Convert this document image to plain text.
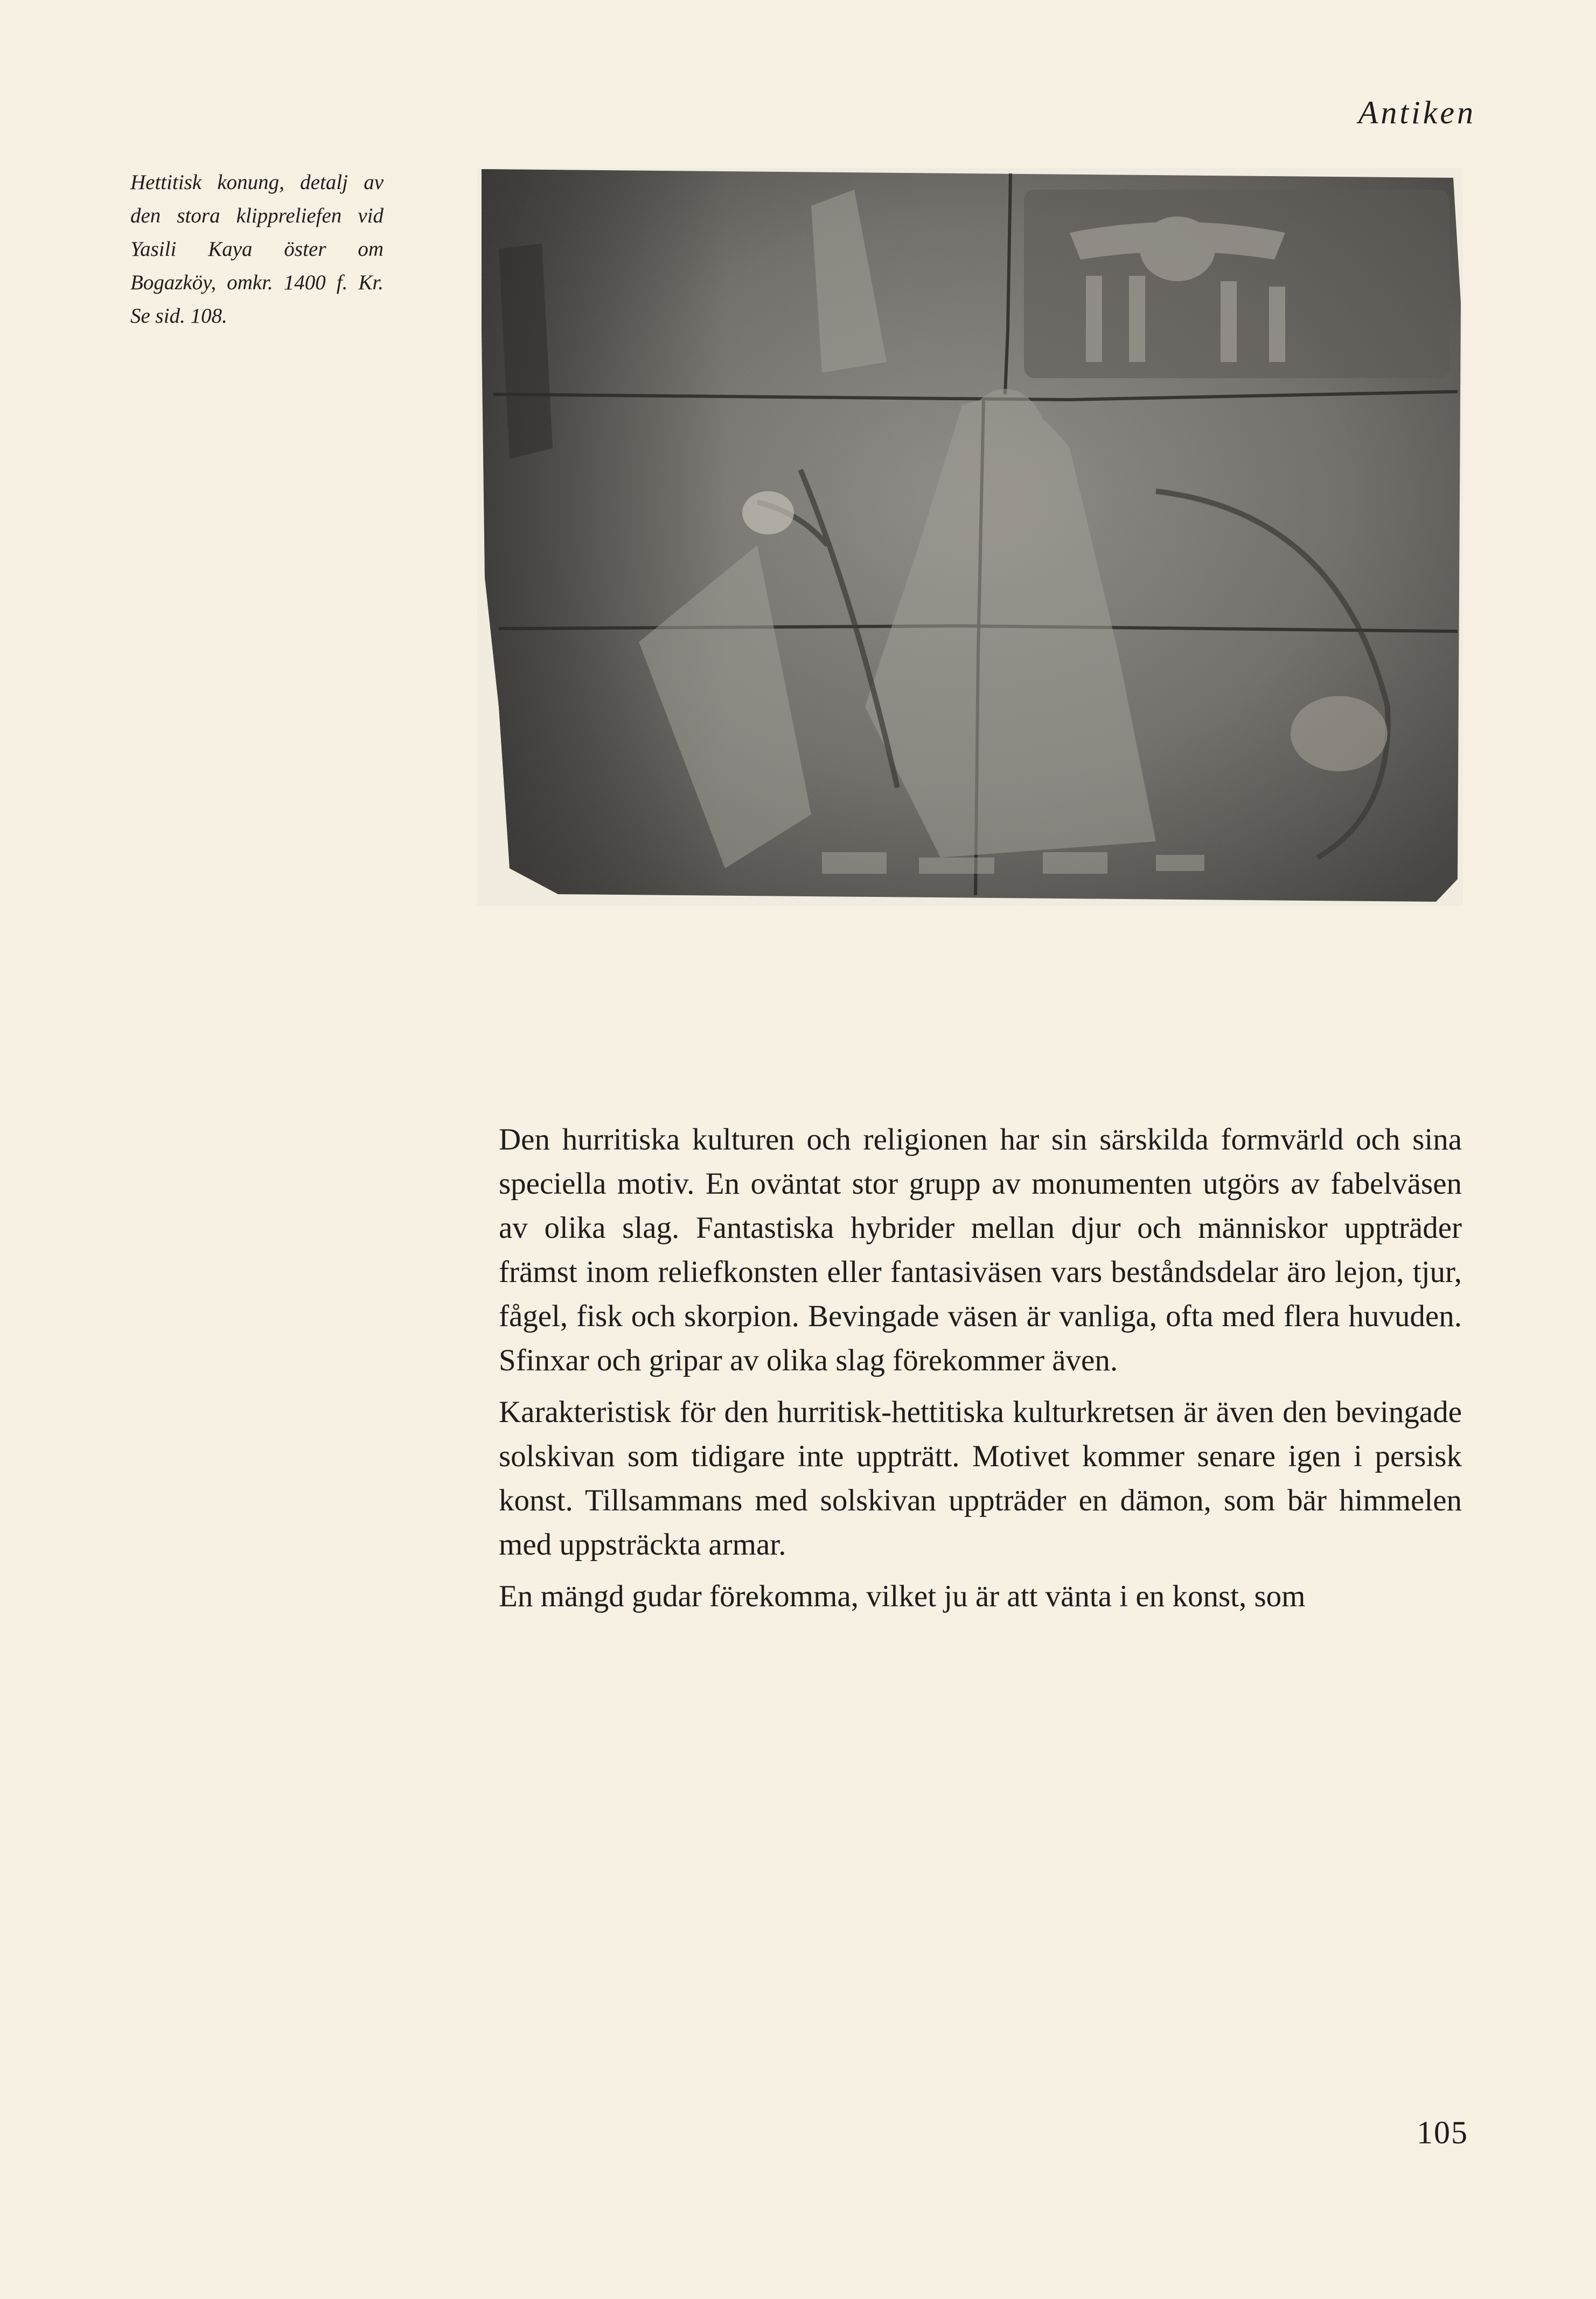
Antiken
Hettitisk konung, detalj av den stora klippreliefen vid Yasili Kaya öster om Bogazköy, omkr. 1400 f. Kr. Se sid. 108.

Den hurritiska kulturen och religionen har sin särskilda formvärld och sina speciella motiv. En oväntat stor grupp av monumenten utgörs av fabelväsen av olika slag. Fantastiska hybrider mellan djur och människor uppträder främst inom reliefkonsten eller fantasiväsen vars beståndsdelar äro lejon, tjur, fågel, fisk och skorpion. Bevingade väsen är vanliga, ofta med flera huvuden. Sfinxar och gripar av olika slag förekommer även.

Karakteristisk för den hurritisk-hettitiska kulturkretsen är även den bevingade solskivan som tidigare inte uppträtt. Motivet kommer senare igen i persisk konst. Tillsammans med solskivan uppträder en dämon, som bär himmelen med uppsträckta armar.

En mängd gudar förekomma, vilket ju är att vänta i en konst, som

105
